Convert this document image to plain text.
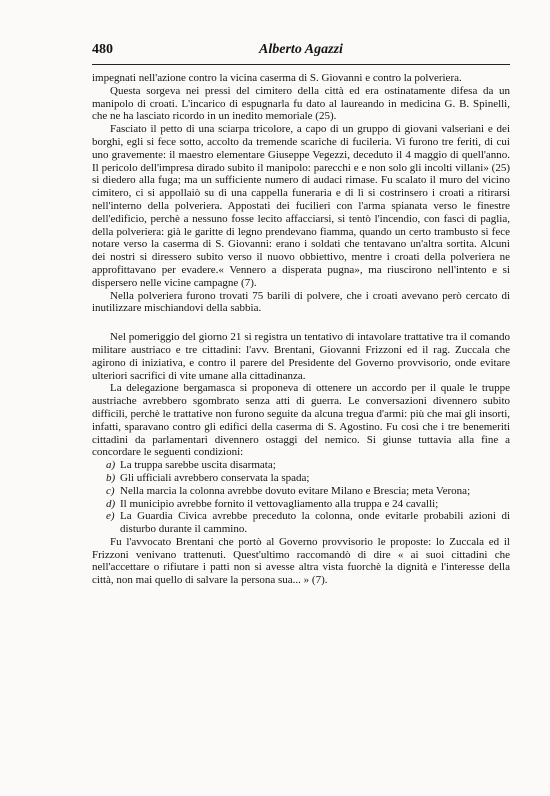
480	Alberto Agazzi

impegnati nell'azione contro la vicina caserma di S. Giovanni e contro la polveriera.

Questa sorgeva nei pressi del cimitero della città ed era ostinatamente difesa da un manipolo di croati. L'incarico di espugnarla fu dato al laureando in medicina G. B. Spinelli, che ne ha lasciato ricordo in un inedito memoriale (25).

Fasciato il petto di una sciarpa tricolore, a capo di un gruppo di giovani valseriani e dei borghi, egli si fece sotto, accolto da tremende scariche di fucileria. Vi furono tre feriti, di cui uno gravemente: il maestro elementare Giuseppe Vegezzi, deceduto il 4 maggio di quell'anno. Il pericolo dell'impresa dirado subito il manipolo: parecchi e e non solo gli incolti villani» (25) si diedero alla fuga; ma un sufficiente numero di audaci rimase. Fu scalato il muro del vicino cimitero, ci si appollaiò su di una cappella funeraria e di lì si costrinsero i croati a ritirarsi nell'interno della polveriera. Appostati dei fucilieri con l'arma spianata verso le finestre dell'edificio, perchè a nessuno fosse lecito affacciarsi, si tentò l'incendio, con fasci di paglia, della polveriera: già le garitte di legno prendevano fiamma, quando un certo trambusto si fece notare verso la caserma di S. Giovanni: erano i soldati che tentavano un'altra sortita. Alcuni dei nostri si diressero subito verso il nuovo obbiettivo, mentre i croati della polveriera ne approfittavano per evadere.« Vennero a disperata pugna», ma riuscirono nell'intento e si dispersero nelle vicine campagne (7).

Nella polveriera furono trovati 75 barili di polvere, che i croati avevano però cercato di inutilizzare mischiandovi della sabbia.

Nel pomeriggio del giorno 21 si registra un tentativo di intavolare trattative tra il comando militare austriaco e tre cittadini: l'avv. Brentani, Giovanni Frizzoni ed il rag. Zuccala che agirono di iniziativa, e contro il parere del Presidente del Governo provvisorio, onde evitare ulteriori sacrifici di vite umane alla cittadinanza.

La delegazione bergamasca si proponeva di ottenere un accordo per il quale le truppe austriache avrebbero sgombrato senza atti di guerra. Le conversazioni divennero subito difficili, perchè le trattative non furono seguite da alcuna tregua d'armi: più che mai gli insorti, infatti, sparavano contro gli edifici della caserma di S. Agostino. Fu così che i tre benemeriti cittadini da parlamentari divennero ostaggi del nemico. Si giunse tuttavia alla fine a concordare le seguenti condizioni:

a) La truppa sarebbe uscita disarmata;
b) Gli ufficiali avrebbero conservata la spada;
c) Nella marcia la colonna avrebbe dovuto evitare Milano e Brescia; meta Verona;
d) Il municipio avrebbe fornito il vettovagliamento alla truppa e 24 cavalli;
e) La Guardia Civica avrebbe preceduto la colonna, onde evitarle probabili azioni di disturbo durante il cammino.

Fu l'avvocato Brentani che portò al Governo provvisorio le proposte: lo Zuccala ed il Frizzoni venivano trattenuti. Quest'ultimo raccomandò di dire « ai suoi cittadini che nell'accettare o rifiutare i patti non si avesse altra vista fuorchè la dignità e l'interesse della città, non mai quello di salvare la persona sua... » (7).
